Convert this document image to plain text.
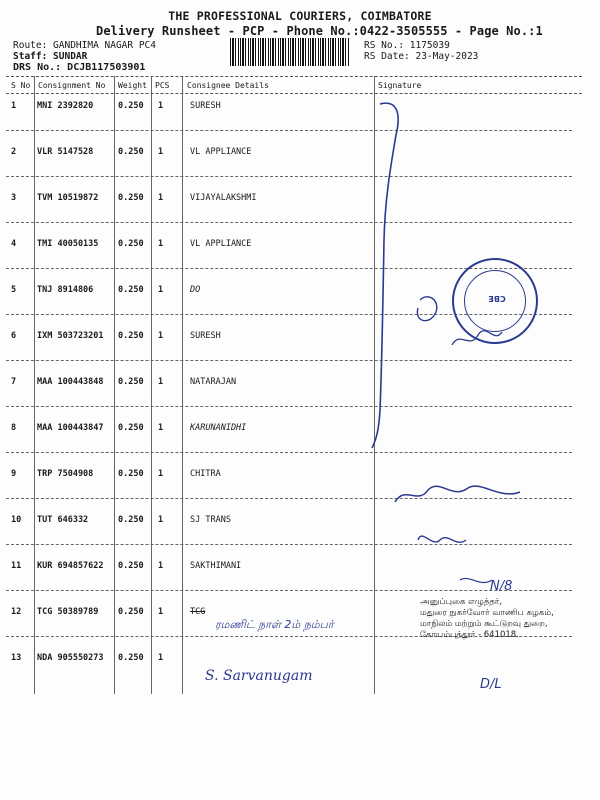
THE PROFESSIONAL COURIERS, COIMBATORE
Delivery Runsheet - PCP - Phone No.:0422-3505555 - Page No.:1
Route: GANDHIMA NAGAR PC4
Staff: SUNDAR
DRS No.: DCJB117503901
RS No.: 1175039
RS Date: 23-May-2023
S No Consignment No Weight PCS Consignee Details	Signature
1 MNI 2392820	0.250 1	SURESH
2 VLR 5147528	0.250 1	VL APPLIANCE
3 TVM 10519872 0.250 1	VIJAYALAKSHMI
4 TMI 40050135 0.250 1	VL APPLIANCE
5 TNJ 8914806	0.250 1	DO
6 IXM 503723201 0.250 1	SURESH
7 MAA 100443848 0.250 1	NATARAJAN
8 MAA 100443847 0.250 1	KARUNANIDHI
9 TRP 7504908	0.250 1	CHITRA
10 TUT 646332	0.250 1	SJ TRANS
11 KUR 694857622 0.250 1	SAKTHIMANI
12 TCG 50389789 0.250 1	TCG
13 NDA 905550273 0.250 1
CBE
அனுப்புகை எழுத்தர்,
மதுரை நுகர்வோர் வாணிப கழகம்,
மாநிலம் மற்றும் கூட்டுறவு துறை,
கோயம்புத்தூர் - 641018.
N/8
ரமணிட் நாள் 2ம் நம்பர்
S. Sarvanugam
D/L
